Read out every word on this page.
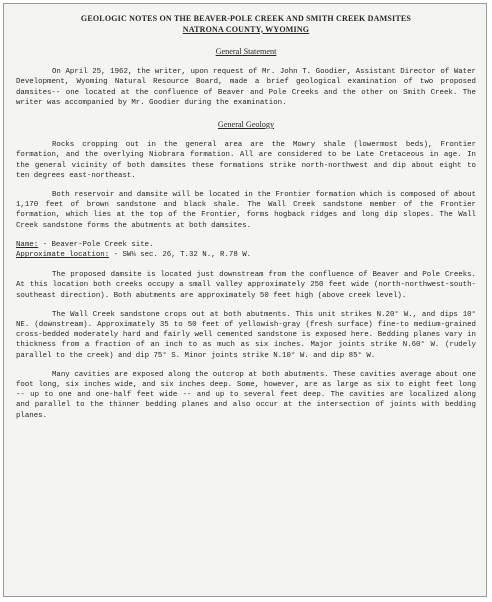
GEOLOGIC NOTES ON THE BEAVER-POLE CREEK AND SMITH CREEK DAMSITES
NATRONA COUNTY, WYOMING
General Statement

On April 25, 1962, the writer, upon request of Mr. John T. Goodier, Assistant Director of Water Development, Wyoming Natural Resource Board, made a brief geological examination of two proposed damsites-- one located at the confluence of Beaver and Pole Creeks and the other on Smith Creek. The writer was accompanied by Mr. Goodier during the examination.

General Geology

Rocks cropping out in the general area are the Mowry shale (lowermost beds), Frontier formation, and the overlying Niobrara formation. All are considered to be Late Cretaceous in age. In the general vicinity of both damsites these formations strike north-northwest and dip about eight to ten degrees east-northeast.

Both reservoir and damsite will be located in the Frontier formation which is composed of about 1,170 feet of brown sandstone and black shale. The Wall Creek sandstone member of the Frontier formation, which lies at the top of the Frontier, forms hogback ridges and long dip slopes. The Wall Creek sandstone forms the abutments at both damsites.

Name: - Beaver-Pole Creek site.
Approximate location: - SW¼ sec. 26, T.32 N., R.78 W.

The proposed damsite is located just downstream from the confluence of Beaver and Pole Creeks. At this location both creeks occupy a small valley approximately 250 feet wide (north-northwest-south-southeast direction). Both abutments are approximately 50 feet high (above creek level).

The Wall Creek sandstone crops out at both abutments. This unit strikes N.20° W., and dips 10° NE. (downstream). Approximately 35 to 50 feet of yellowish-gray (fresh surface) fine-to medium-grained cross-bedded moderately hard and fairly well cemented sandstone is exposed here. Bedding planes vary in thickness from a fraction of an inch to as much as six inches. Major joints strike N.60° W. (rudely parallel to the creek) and dip 75° S. Minor joints strike N.10° W. and dip 85° W.

Many cavities are exposed along the outcrop at both abutments. These cavities average about one foot long, six inches wide, and six inches deep. Some, however, are as large as six to eight feet long -- up to one and one-half feet wide -- and up to several feet deep. The cavities are localized along and parallel to the thinner bedding planes and also occur at the intersection of joints with bedding planes.
